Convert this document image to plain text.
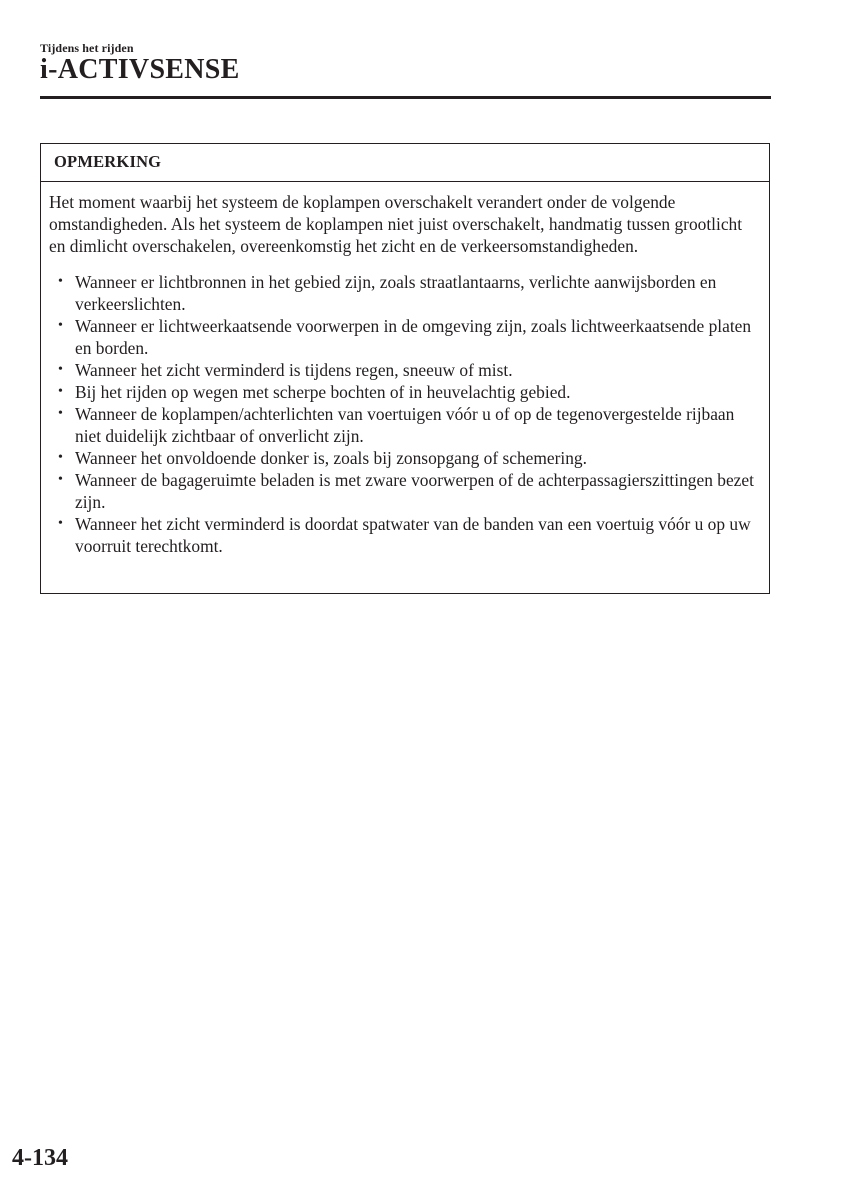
Tijdens het rijden
i-ACTIVSENSE
OPMERKING

Het moment waarbij het systeem de koplampen overschakelt verandert onder de volgende omstandigheden. Als het systeem de koplampen niet juist overschakelt, handmatig tussen grootlicht en dimlicht overschakelen, overeenkomstig het zicht en de verkeersomstandigheden.

• Wanneer er lichtbronnen in het gebied zijn, zoals straatlantaarns, verlichte aanwijsborden en verkeerslichten.
• Wanneer er lichtweerkaatsende voorwerpen in de omgeving zijn, zoals lichtweerkaatsende platen en borden.
• Wanneer het zicht verminderd is tijdens regen, sneeuw of mist.
• Bij het rijden op wegen met scherpe bochten of in heuvelachtig gebied.
• Wanneer de koplampen/achterlichten van voertuigen vóór u of op de tegenovergestelde rijbaan niet duidelijk zichtbaar of onverlicht zijn.
• Wanneer het onvoldoende donker is, zoals bij zonsopgang of schemering.
• Wanneer de bagageruimte beladen is met zware voorwerpen of de achterpassagierszittingen bezet zijn.
• Wanneer het zicht verminderd is doordat spatwater van de banden van een voertuig vóór u op uw voorruit terechtkomt.
4-134
